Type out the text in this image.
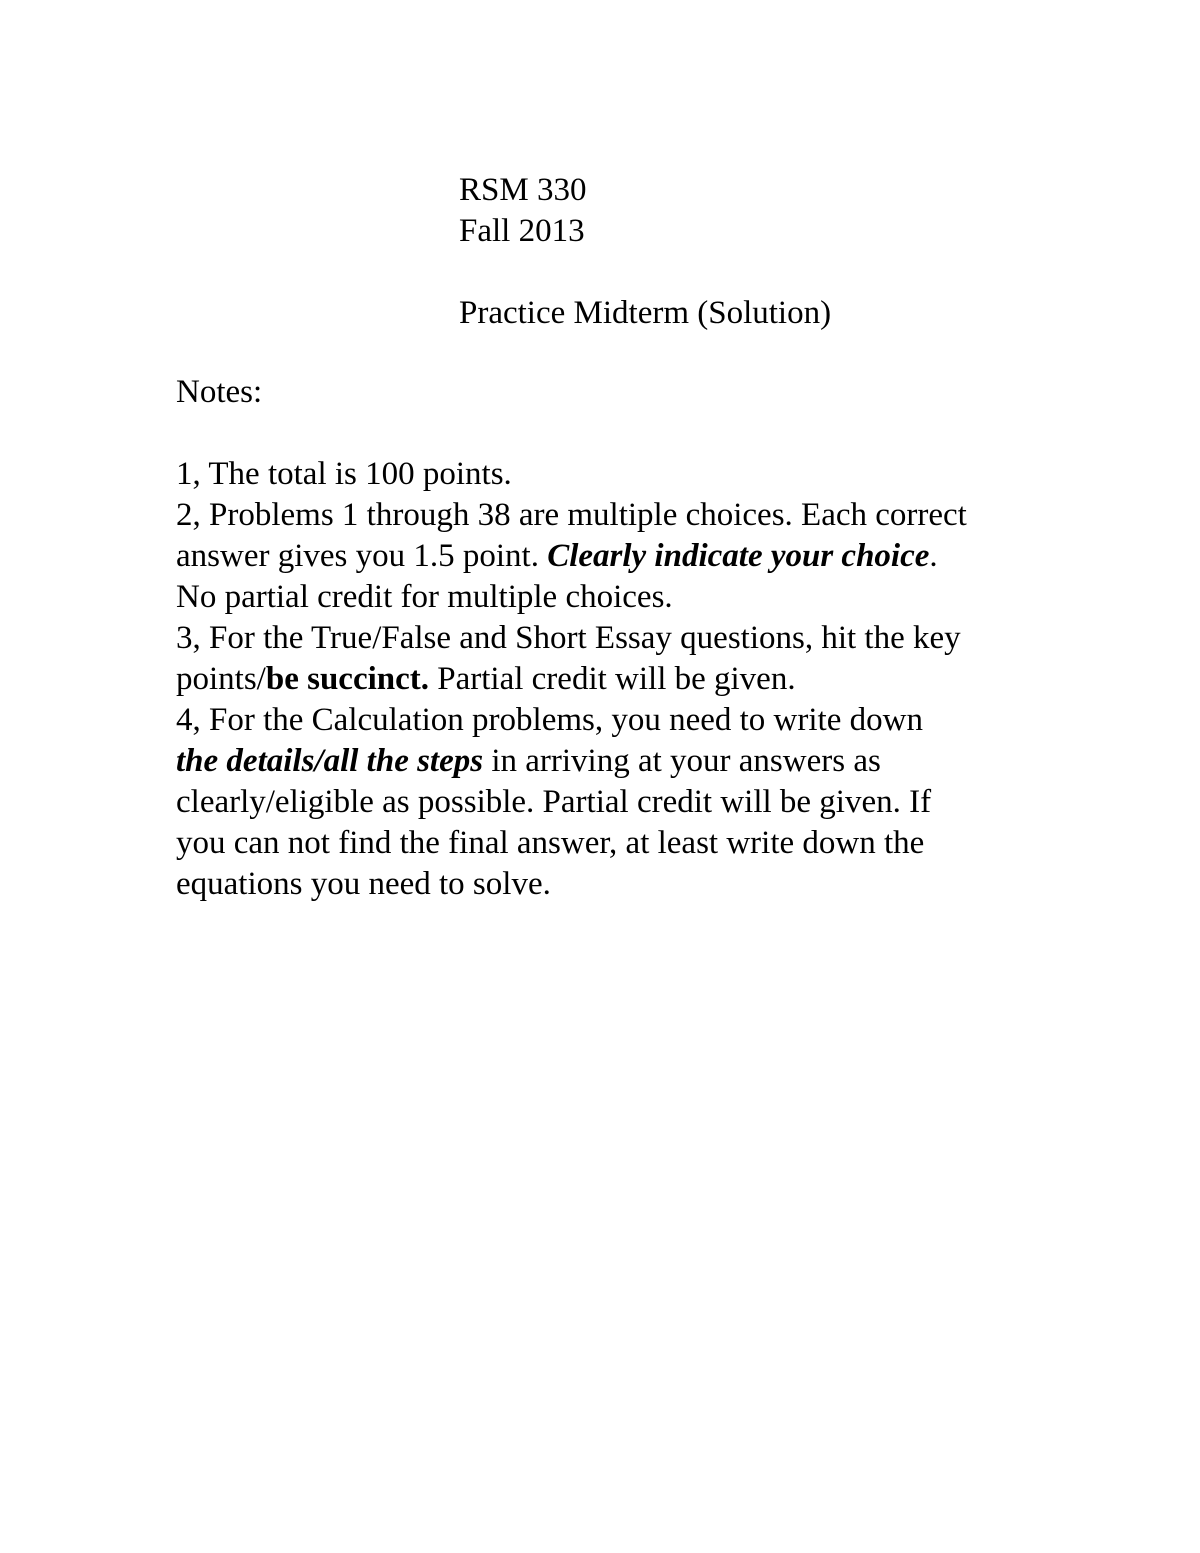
RSM 330
Fall 2013
Practice Midterm (Solution)
Notes:
1, The total is 100 points.
2, Problems 1 through 38 are multiple choices. Each correct
answer gives you 1.5 point. Clearly indicate your choice.
No partial credit for multiple choices.
3, For the True/False and Short Essay questions, hit the key
points/be succinct. Partial credit will be given.
4, For the Calculation problems, you need to write down
the details/all the steps in arriving at your answers as
clearly/eligible as possible. Partial credit will be given. If
you can not find the final answer, at least write down the
equations you need to solve.
